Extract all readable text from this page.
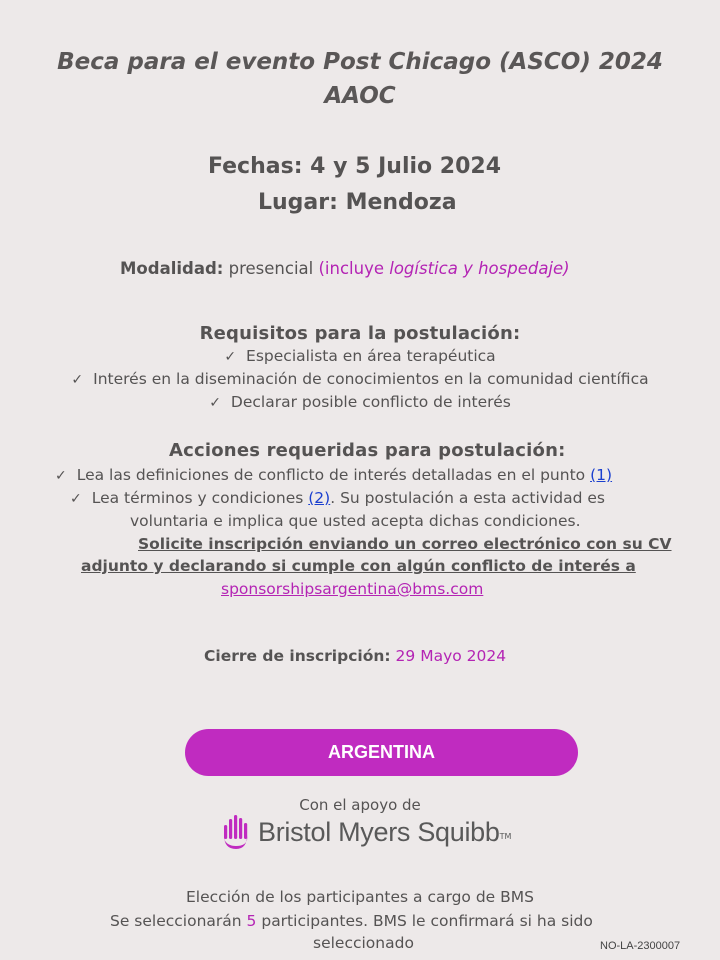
Beca para el evento Post Chicago (ASCO) 2024
AAOC
Fechas: 4 y 5 Julio 2024
Lugar: Mendoza
Modalidad: presencial (incluye logística y hospedaje)
Requisitos para la postulación:
✓ Especialista en área terapéutica
✓ Interés en la diseminación de conocimientos en la comunidad científica
✓ Declarar posible conflicto de interés
Acciones requeridas para postulación:
✓ Lea las definiciones de conflicto de interés detalladas en el punto (1)
✓ Lea términos y condiciones (2). Su postulación a esta actividad es
voluntaria e implica que usted acepta dichas condiciones.
Solicite inscripción enviando un correo electrónico con su CV
adjunto y declarando si cumple con algún conflicto de interés a
sponsorshipsargentina@bms.com
Cierre de inscripción: 29 Mayo 2024
ARGENTINA
Con el apoyo de
Bristol Myers Squibb TM
Elección de los participantes a cargo de BMS
Se seleccionarán 5 participantes. BMS le confirmará si ha sido
seleccionado	NO-LA-2300007
